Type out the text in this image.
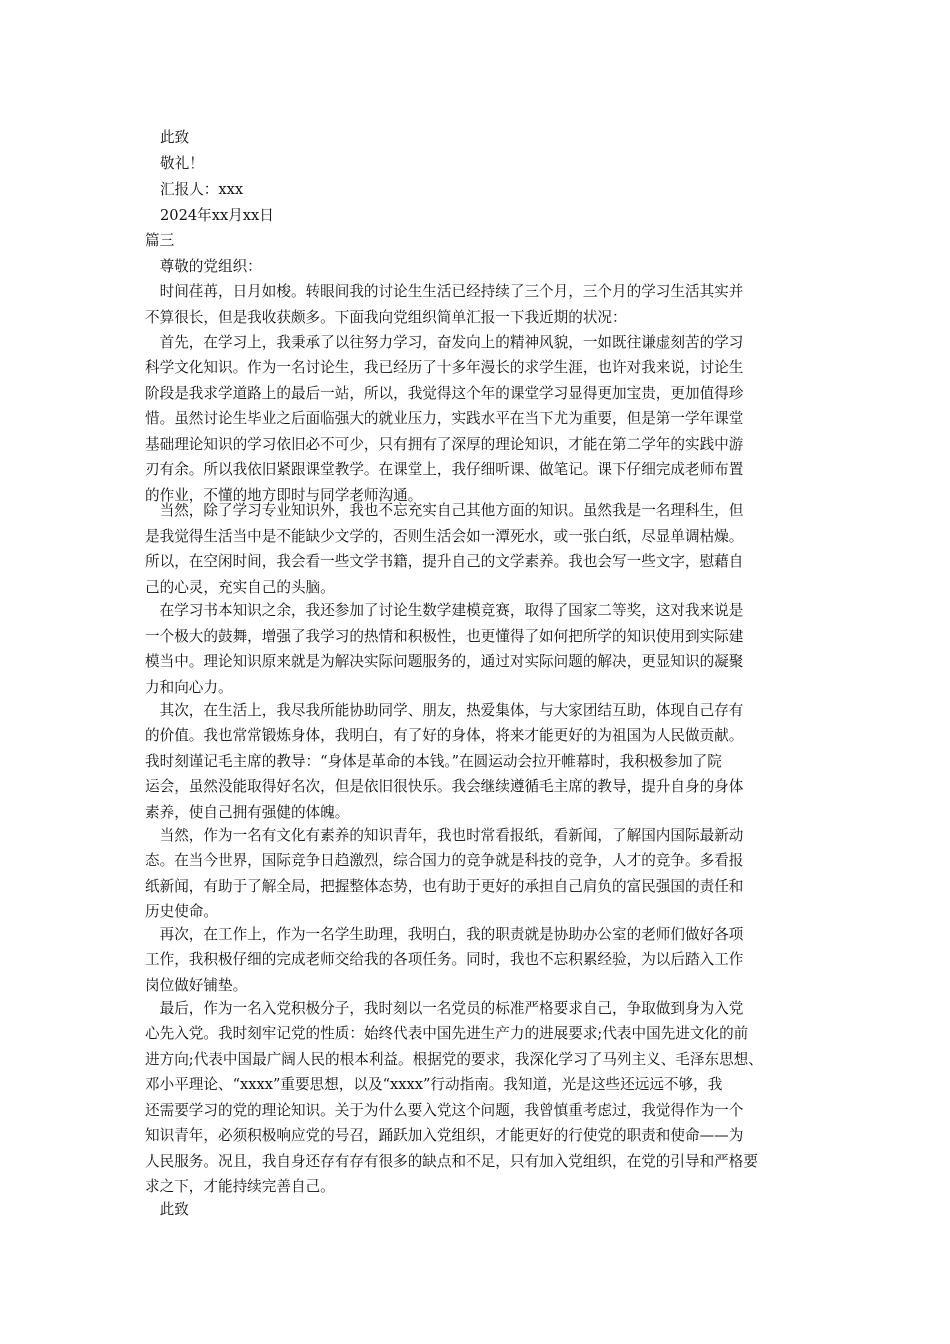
此致
敬礼！
汇报人：xxx
2024年xx月xx日
篇三
　尊敬的党组织：
　时间荏苒，日月如梭。转眼间我的讨论生生活已经持续了三个月，三个月的学习生活其实并
不算很长，但是我收获颇多。下面我向党组织简单汇报一下我近期的状况：
　首先，在学习上，我秉承了以往努力学习，奋发向上的精神风貌，一如既往谦虚刻苦的学习
科学文化知识。作为一名讨论生，我已经历了十多年漫长的求学生涯，也许对我来说，讨论生
阶段是我求学道路上的最后一站，所以，我觉得这个年的课堂学习显得更加宝贵，更加值得珍
惜。虽然讨论生毕业之后面临强大的就业压力，实践水平在当下尤为重要，但是第一学年课堂
基础理论知识的学习依旧必不可少，只有拥有了深厚的理论知识，才能在第二学年的实践中游
刃有余。所以我依旧紧跟课堂教学。在课堂上，我仔细听课、做笔记。课下仔细完成老师布置
的作业，不懂的地方即时与同学老师沟通。
　当然，除了学习专业知识外，我也不忘充实自己其他方面的知识。虽然我是一名理科生，但
是我觉得生活当中是不能缺少文学的，否则生活会如一潭死水，或一张白纸，尽显单调枯燥。
所以，在空闲时间，我会看一些文学书籍，提升自己的文学素养。我也会写一些文字，慰藉自
己的心灵，充实自己的头脑。
　在学习书本知识之余，我还参加了讨论生数学建模竞赛，取得了国家二等奖，这对我来说是
一个极大的鼓舞，增强了我学习的热情和积极性，也更懂得了如何把所学的知识使用到实际建
模当中。理论知识原来就是为解决实际问题服务的，通过对实际问题的解决，更显知识的凝聚
力和向心力。
　其次，在生活上，我尽我所能协助同学、朋友，热爱集体，与大家团结互助，体现自己存有
的价值。我也常常锻炼身体，我明白，有了好的身体，将来才能更好的为祖国为人民做贡献。
我时刻谨记毛主席的教导：“身体是革命的本钱。”在圆运动会拉开帷幕时，我积极参加了院
运会，虽然没能取得好名次，但是依旧很快乐。我会继续遵循毛主席的教导，提升自身的身体
素养，使自己拥有强健的体魄。
　当然，作为一名有文化有素养的知识青年，我也时常看报纸，看新闻，了解国内国际最新动
态。在当今世界，国际竞争日趋激烈，综合国力的竞争就是科技的竞争，人才的竞争。多看报
纸新闻，有助于了解全局，把握整体态势，也有助于更好的承担自己肩负的富民强国的责任和
历史使命。
　再次，在工作上，作为一名学生助理，我明白，我的职责就是协助办公室的老师们做好各项
工作，我积极仔细的完成老师交给我的各项任务。同时，我也不忘积累经验，为以后踏入工作
岗位做好铺垫。
　最后，作为一名入党积极分子，我时刻以一名党员的标准严格要求自己，争取做到身为入党
心先入党。我时刻牢记党的性质：始终代表中国先进生产力的进展要求;代表中国先进文化的前
进方向;代表中国最广阔人民的根本利益。根据党的要求，我深化学习了马列主义、毛泽东思想、
邓小平理论、“xxxx”重要思想，以及“xxxx”行动指南。我知道，光是这些还远远不够，我
还需要学习的党的理论知识。关于为什么要入党这个问题，我曾慎重考虑过，我觉得作为一个
知识青年，必须积极响应党的号召，踊跃加入党组织，才能更好的行使党的职责和使命——为
人民服务。况且，我自身还存有存有很多的缺点和不足，只有加入党组织，在党的引导和严格要
求之下，才能持续完善自己。
　此致
